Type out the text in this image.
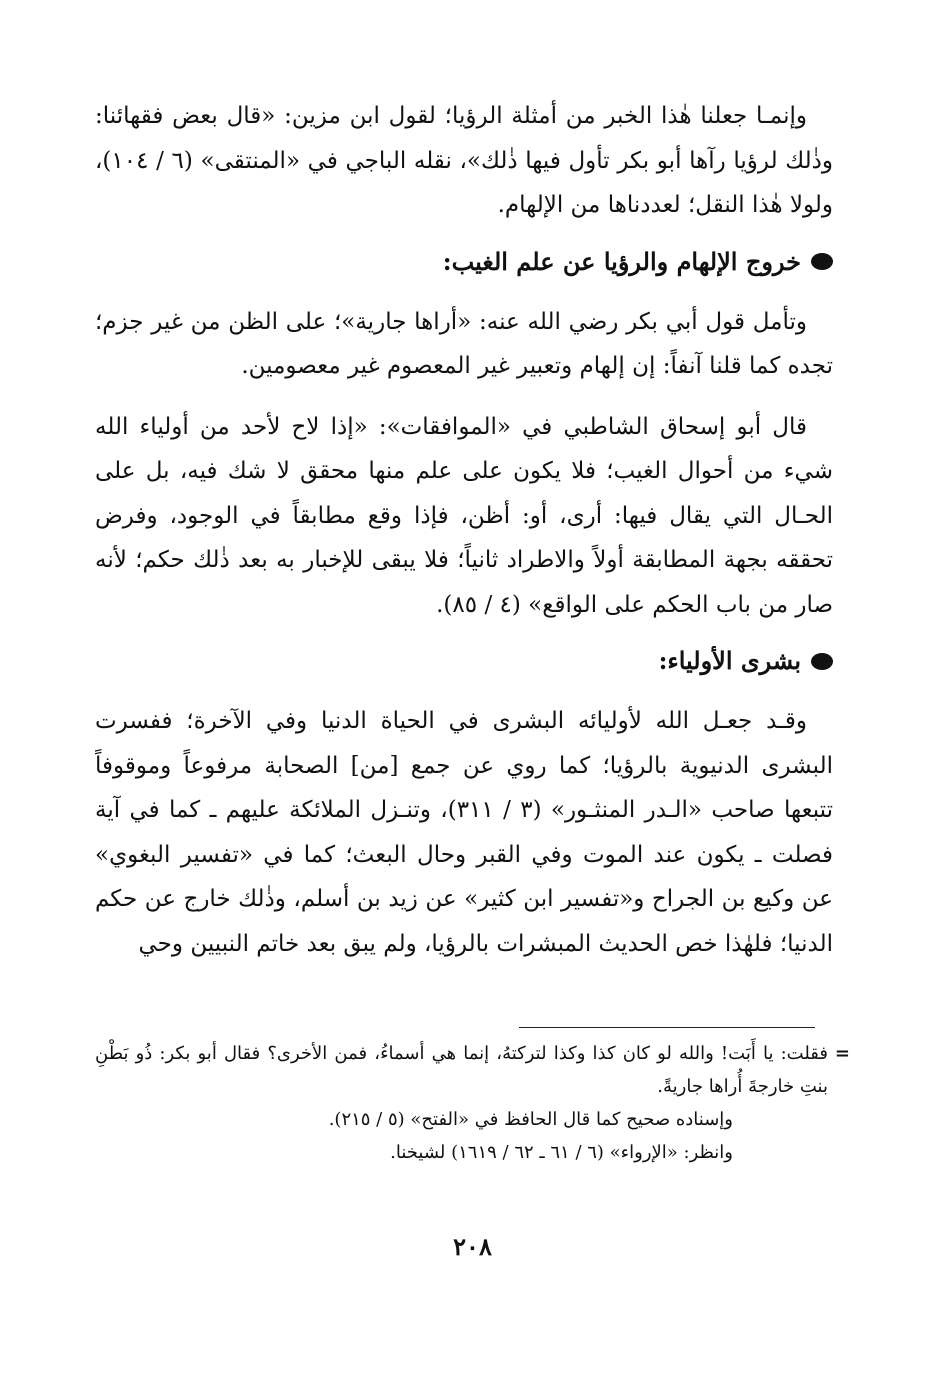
وإنمـا جعلنا هٰذا الخبر من أمثلة الرؤيا؛ لقول ابن مزين: «قال بعض فقهائنا: وذٰلك لرؤيا رآها أبو بكر تأول فيها ذٰلك»، نقله الباجي في «المنتقى» (٦ / ١٠٤)، ولولا هٰذا النقل؛ لعددناها من الإلهام.

خروج الإلهام والرؤيا عن علم الغيب:

وتأمل قول أبي بكر رضي الله عنه: «أراها جارية»؛ على الظن من غير جزم؛ تجده كما قلنا آنفاً: إن إلهام وتعبير غير المعصوم غير معصومين.

قال أبو إسحاق الشاطبي في «الموافقات»: «إذا لاح لأحد من أولياء الله شيء من أحوال الغيب؛ فلا يكون على علم منها محقق لا شك فيه، بل على الحـال التي يقال فيها: أرى، أو: أظن، فإذا وقع مطابقاً في الوجود، وفرض تحققه بجهة المطابقة أولاً والاطراد ثانياً؛ فلا يبقى للإخبار به بعد ذٰلك حكم؛ لأنه صار من باب الحكم على الواقع» (٤ / ٨٥).

بشرى الأولياء:

وقـد جعـل الله لأوليائه البشرى في الحياة الدنيا وفي الآخرة؛ ففسرت البشرى الدنيوية بالرؤيا؛ كما روي عن جمع [من] الصحابة مرفوعاً وموقوفاً تتبعها صاحب «الـدر المنثـور» (٣ / ٣١١)، وتنـزل الملائكة عليهم ـ كما في آية فصلت ـ يكون عند الموت وفي القبر وحال البعث؛ كما في «تفسير البغوي» عن وكيع بن الجراح و«تفسير ابن كثير» عن زيد بن أسلم، وذٰلك خارج عن حكم الدنيا؛ فلهٰذا خص الحديث المبشرات بالرؤيا، ولم يبق بعد خاتم النبيين وحي

=

فقلت: يا أَبَت! والله لو كان كذا وكذا لتركتهُ، إنما هي أسماءُ، فمن الأخرى؟ فقال أبو بكر: ذُو بَطْنِ بنتِ خارجةَ أُراها جاريةً.

وإسناده صحيح كما قال الحافظ في «الفتح» (٥ / ٢١٥).

وانظر: «الإرواء» (٦ / ٦١ ـ ٦٢ / ١٦١٩) لشيخنا.

٢٠٨
